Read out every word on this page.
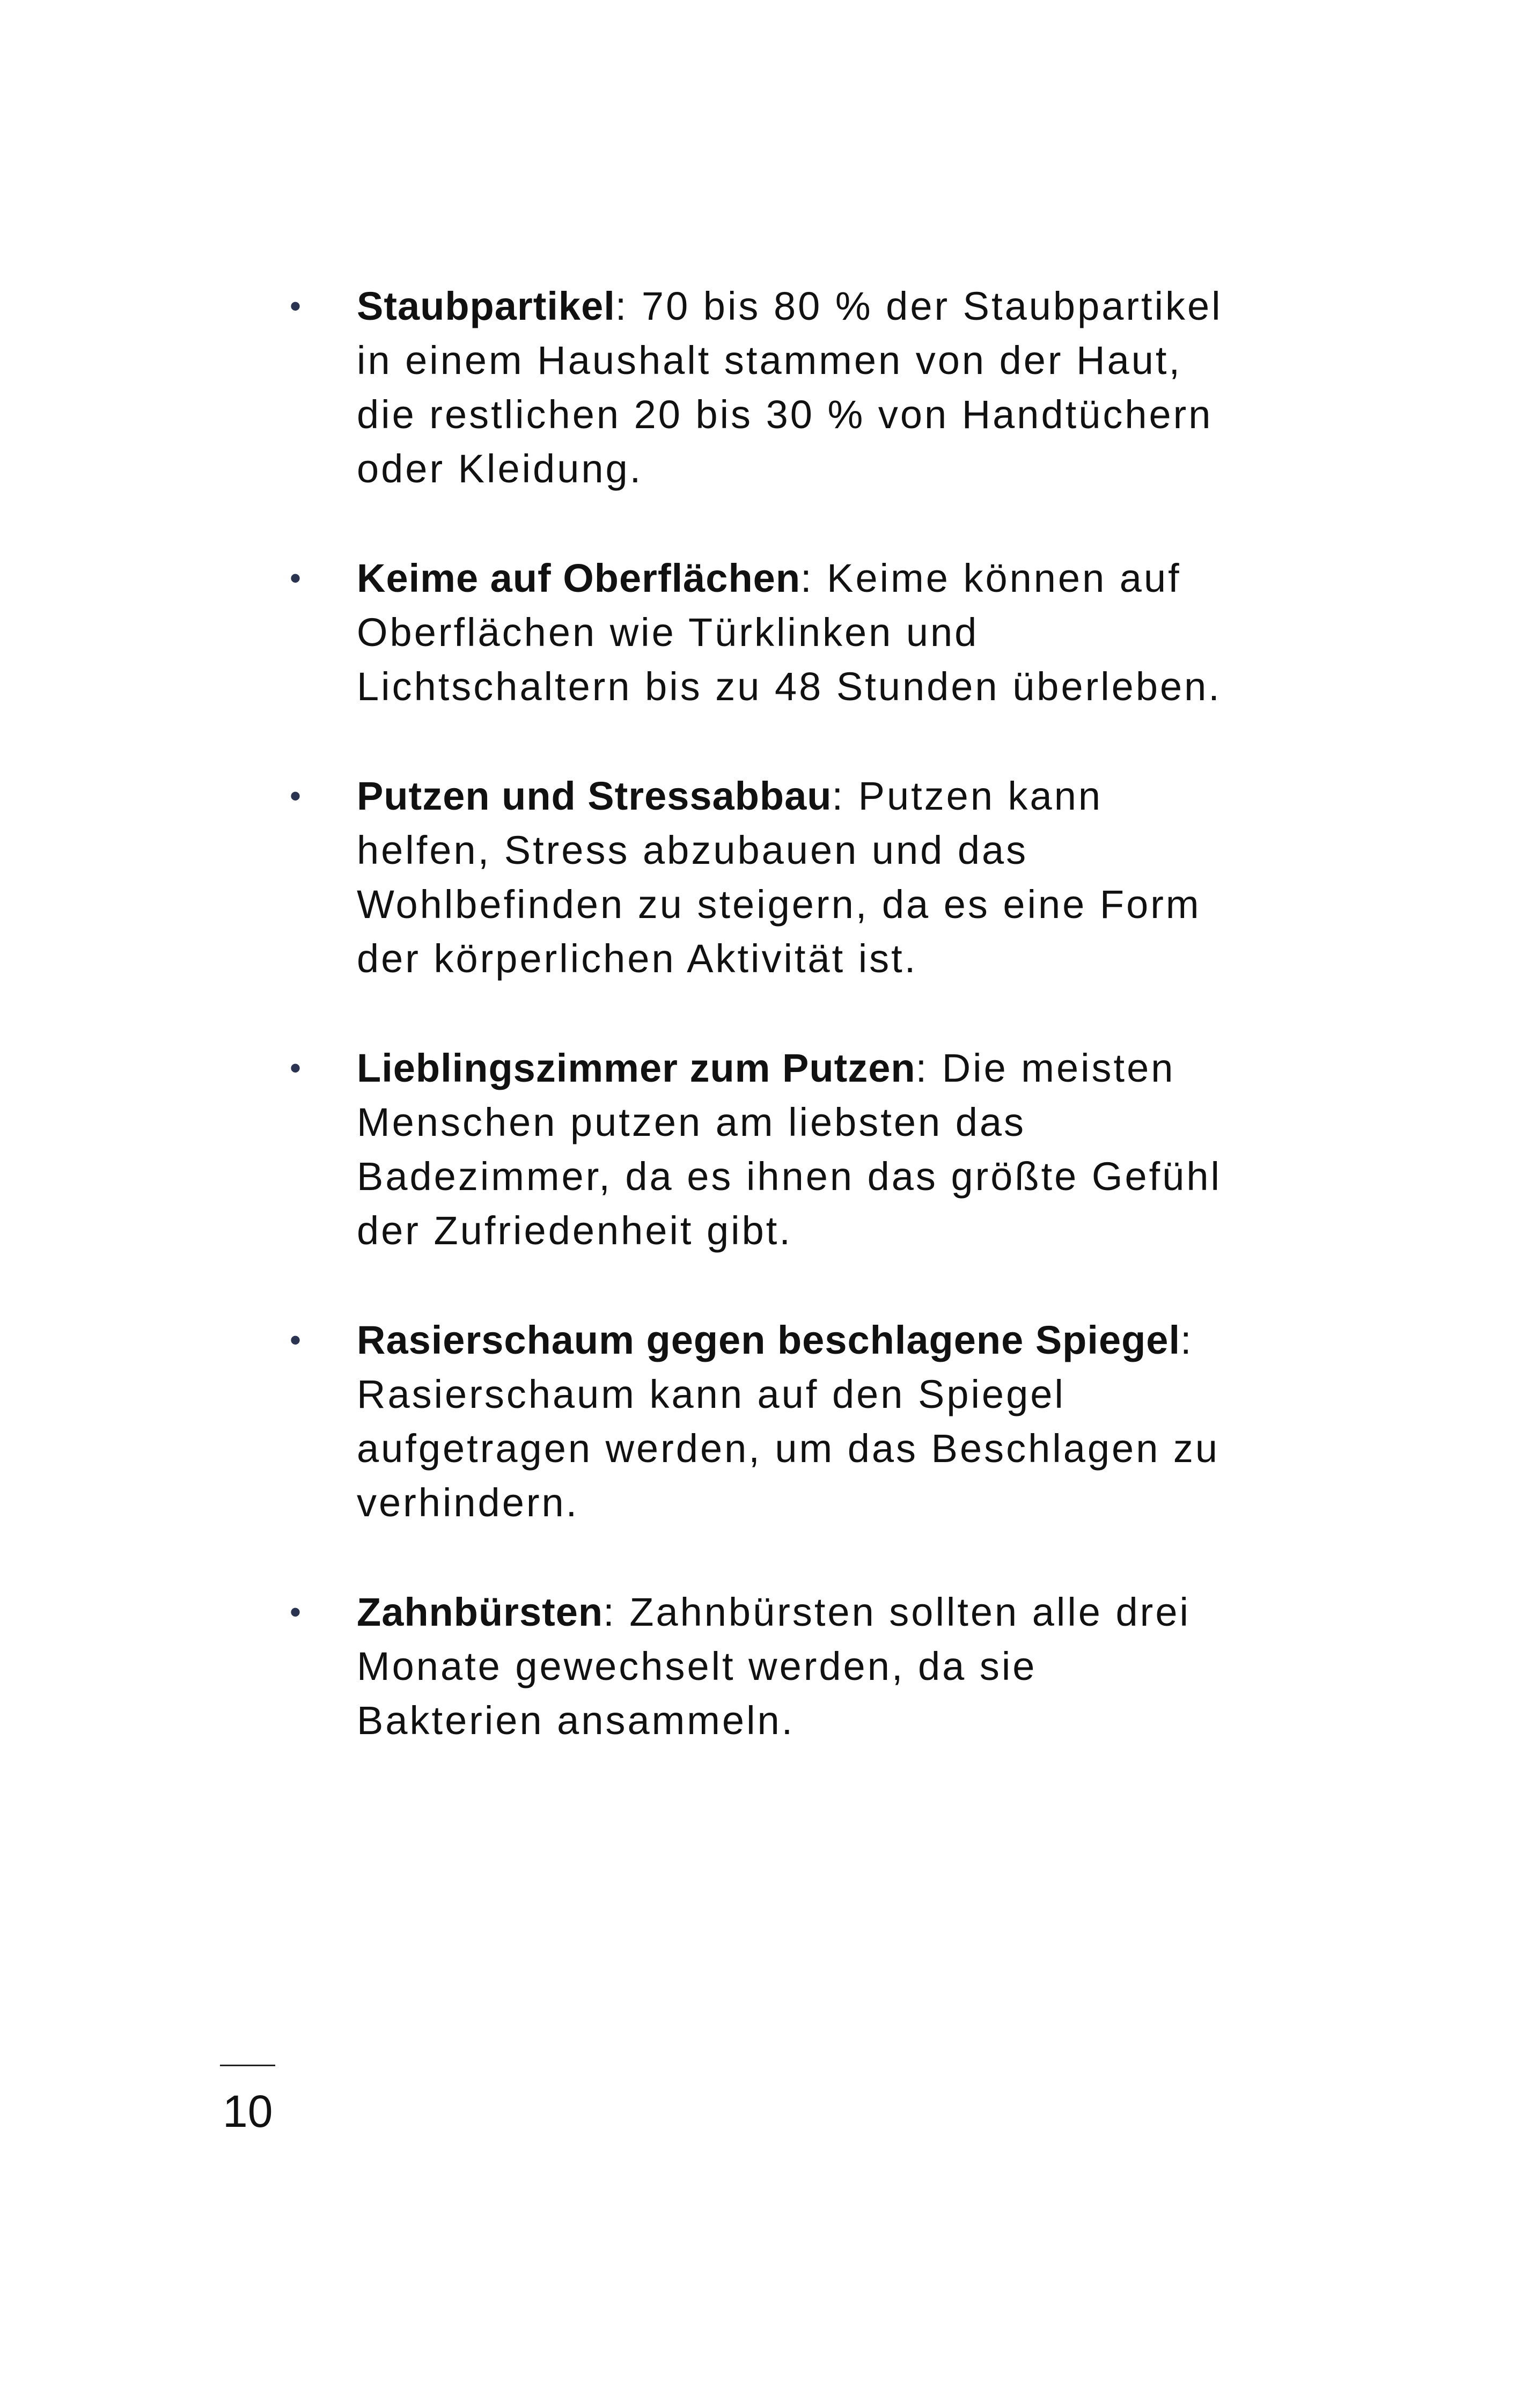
•	Staubpartikel: 70 bis 80 % der Staubpartikel in einem Haushalt stammen von der Haut, die restlichen 20 bis 30 % von Handtüchern oder Kleidung.
•	Keime auf Oberflächen: Keime können auf Oberflächen wie Türklinken und Lichtschaltern bis zu 48 Stunden überleben.
•	Putzen und Stressabbau: Putzen kann helfen, Stress abzubauen und das Wohlbefinden zu steigern, da es eine Form der körperlichen Aktivität ist.
•	Lieblingszimmer zum Putzen: Die meisten Menschen putzen am liebsten das Badezimmer, da es ihnen das größte Gefühl der Zufriedenheit gibt.
•	Rasierschaum gegen beschlagene Spiegel: Rasierschaum kann auf den Spiegel aufgetragen werden, um das Beschlagen zu verhindern.
•	Zahnbürsten: Zahnbürsten sollten alle drei Monate gewechselt werden, da sie Bakterien ansammeln.
10
